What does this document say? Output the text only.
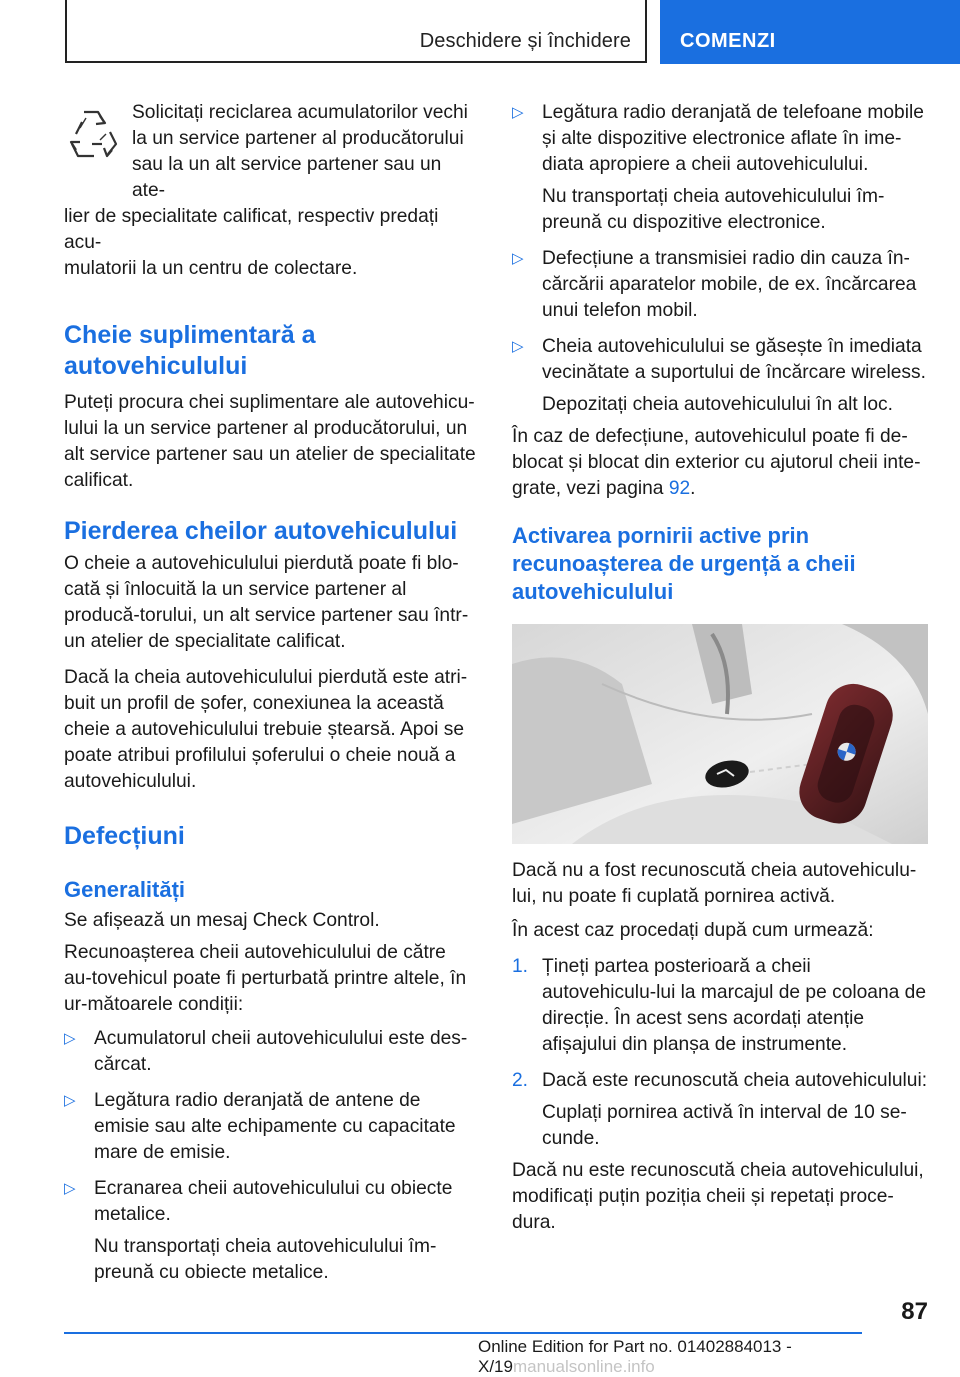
Deschidere și închidere	COMENZI
Solicitați reciclarea acumulatorilor vechi
la un service partener al producătorului
sau la un alt service partener sau un ate‐

lier de specialitate calificat, respectiv predați acu‐

mulatorii la un centru de colectare.

Cheie suplimentară a autovehiculului

Puteți procura chei suplimentare ale autovehicu‐lului la un service partener al producătorului, un alt service partener sau un atelier de specialitate calificat.

Pierderea cheilor autovehiculului

O cheie a autovehiculului pierdută poate fi blo‐cată și înlocuită la un service partener al producă‐torului, un alt service partener sau într-un atelier de specialitate calificat.

Dacă la cheia autovehiculului pierdută este atri‐buit un profil de șofer, conexiunea la această cheie a autovehiculului trebuie ștearsă. Apoi se poate atribui profilului șoferului o cheie nouă a autovehiculului.

Defecțiuni
Generalități

Se afișează un mesaj Check Control.

Recunoașterea cheii autovehiculului de către au‐tovehicul poate fi perturbată printre altele, în ur‐mătoarele condiții:

▷ Acumulatorul cheii autovehiculului este des‐cărcat.
▷ Legătura radio deranjată de antene de emisie sau alte echipamente cu capacitate mare de emisie.
▷ Ecranarea cheii autovehiculului cu obiecte metalice.

Nu transportați cheia autovehiculului îm‐preună cu obiecte metalice.

▷ Legătura radio deranjată de telefoane mobile și alte dispozitive electronice aflate în ime‐diata apropiere a cheii autovehiculului.

Nu transportați cheia autovehiculului îm‐preună cu dispozitive electronice.

▷ Defecțiune a transmisiei radio din cauza în‐cărcării aparatelor mobile, de ex. încărcarea unui telefon mobil.
▷ Cheia autovehiculului se găsește în imediata vecinătate a suportului de încărcare wireless.

Depozitați cheia autovehiculului în alt loc.

În caz de defecțiune, autovehiculul poate fi de‐blocat și blocat din exterior cu ajutorul cheii inte‐grate, vezi pagina 92.

Activarea pornirii active prin recunoașterea de urgență a cheii autovehiculului

Dacă nu a fost recunoscută cheia autovehiculu‐lui, nu poate fi cuplată pornirea activă.

În acest caz procedați după cum urmează:

1. Țineți partea posterioară a cheii autovehiculu‐lui la marcajul de pe coloana de direcție. În acest sens acordați atenție afișajului din planșa de instrumente.
2. Dacă este recunoscută cheia autovehiculului:

Cuplați pornirea activă în interval de 10 se‐cunde.

Dacă nu este recunoscută cheia autovehiculului, modificați puțin poziția cheii și repetați proce‐dura.

87
Online Edition for Part no. 01402884013 - X/19manualsonline.info
